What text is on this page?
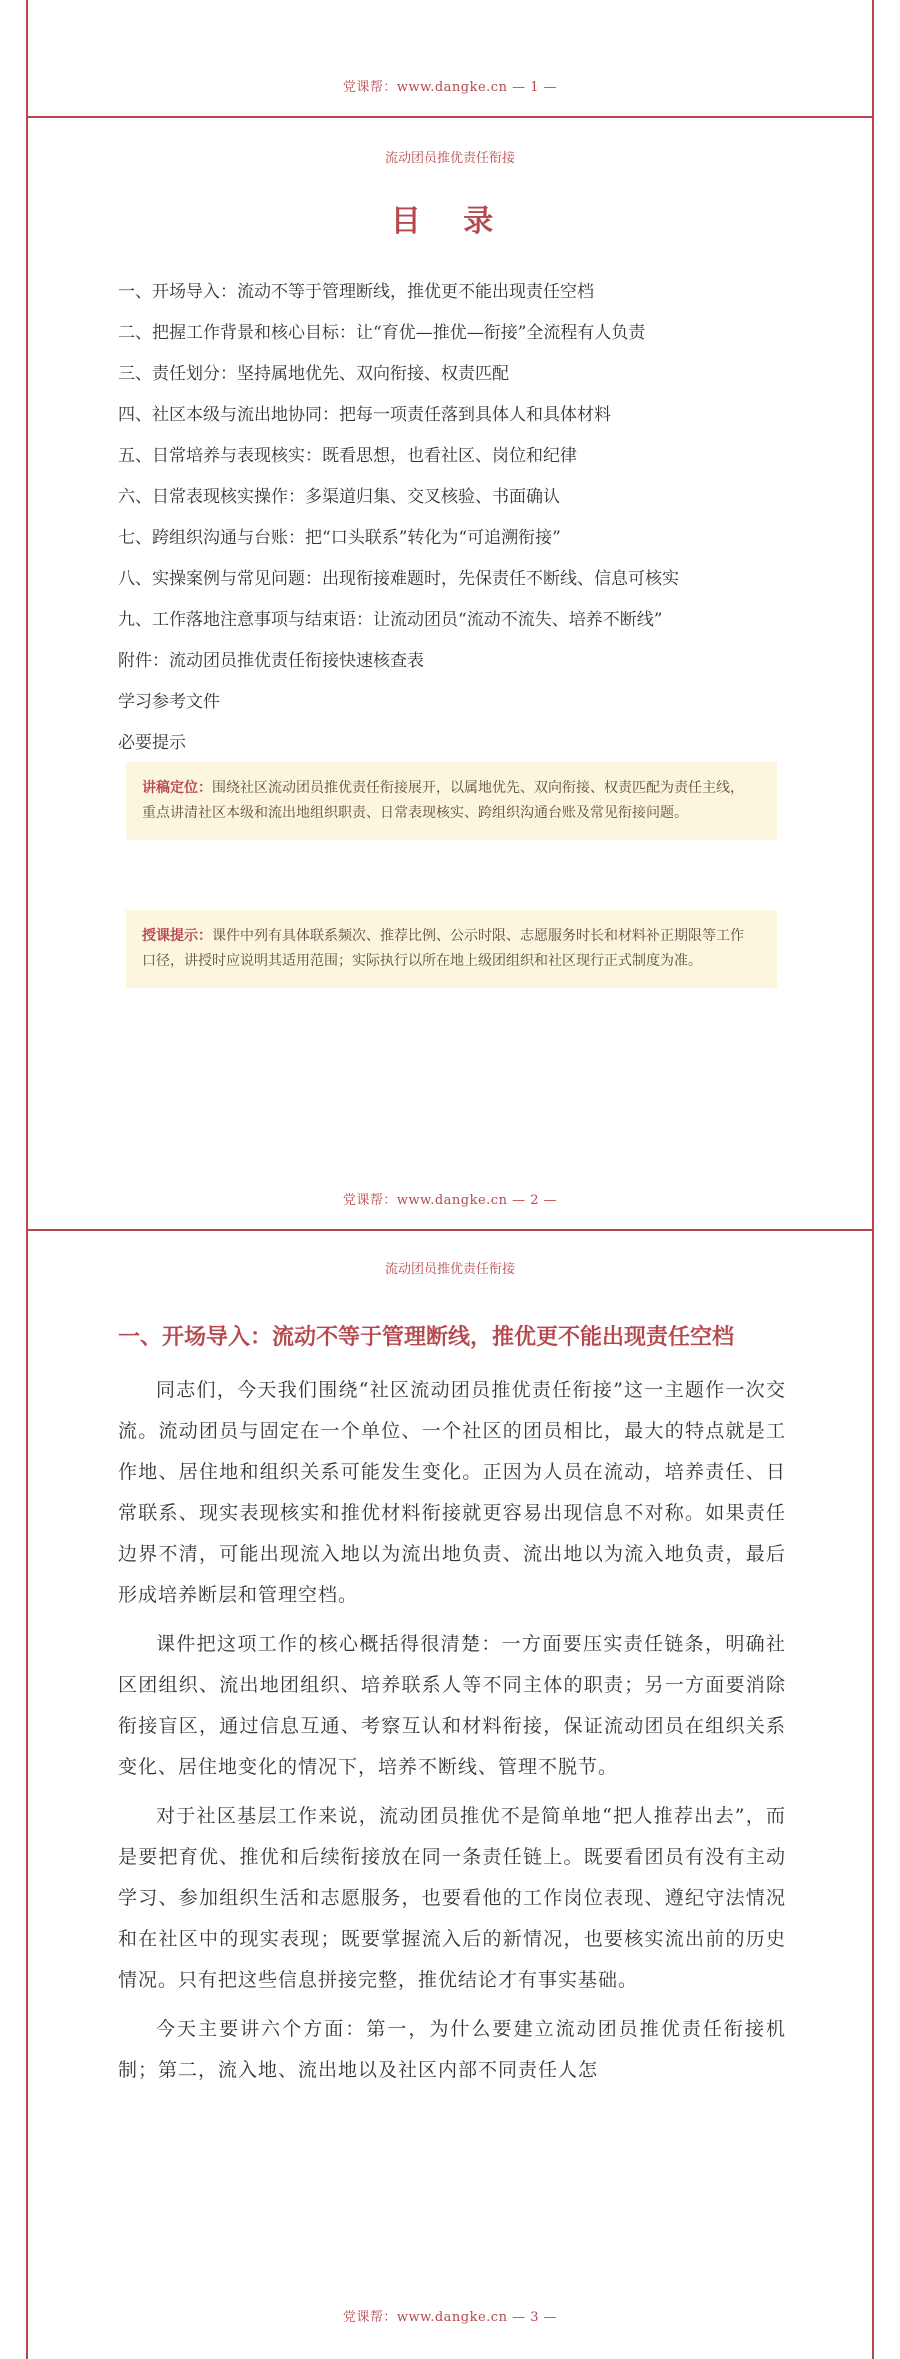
党课帮：www.dangke.cn — 1 —
流动团员推优责任衔接
目 录
一、开场导入：流动不等于管理断线，推优更不能出现责任空档
二、把握工作背景和核心目标：让“育优—推优—衔接”全流程有人负责
三、责任划分：坚持属地优先、双向衔接、权责匹配
四、社区本级与流出地协同：把每一项责任落到具体人和具体材料
五、日常培养与表现核实：既看思想，也看社区、岗位和纪律
六、日常表现核实操作：多渠道归集、交叉核验、书面确认
七、跨组织沟通与台账：把“口头联系”转化为“可追溯衔接”
八、实操案例与常见问题：出现衔接难题时，先保责任不断线、信息可核实
九、工作落地注意事项与结束语：让流动团员“流动不流失、培养不断线”
附件：流动团员推优责任衔接快速核查表
学习参考文件
必要提示
讲稿定位：围绕社区流动团员推优责任衔接展开，以属地优先、双向衔接、权责匹配为责任主线，重点讲清社区本级和流出地组织职责、日常表现核实、跨组织沟通台账及常见衔接问题。
授课提示：课件中列有具体联系频次、推荐比例、公示时限、志愿服务时长和材料补正期限等工作口径，讲授时应说明其适用范围；实际执行以所在地上级团组织和社区现行正式制度为准。
党课帮：www.dangke.cn — 2 —
流动团员推优责任衔接
一、开场导入：流动不等于管理断线，推优更不能出现责任空档

同志们，今天我们围绕“社区流动团员推优责任衔接”这一主题作一次交流。流动团员与固定在一个单位、一个社区的团员相比，最大的特点就是工作地、居住地和组织关系可能发生变化。正因为人员在流动，培养责任、日常联系、现实表现核实和推优材料衔接就更容易出现信息不对称。如果责任边界不清，可能出现流入地以为流出地负责、流出地以为流入地负责，最后形成培养断层和管理空档。

课件把这项工作的核心概括得很清楚：一方面要压实责任链条，明确社区团组织、流出地团组织、培养联系人等不同主体的职责；另一方面要消除衔接盲区，通过信息互通、考察互认和材料衔接，保证流动团员在组织关系变化、居住地变化的情况下，培养不断线、管理不脱节。

对于社区基层工作来说，流动团员推优不是简单地“把人推荐出去”，而是要把育优、推优和后续衔接放在同一条责任链上。既要看团员有没有主动学习、参加组织生活和志愿服务，也要看他的工作岗位表现、遵纪守法情况和在社区中的现实表现；既要掌握流入后的新情况，也要核实流出前的历史情况。只有把这些信息拼接完整，推优结论才有事实基础。

今天主要讲六个方面：第一，为什么要建立流动团员推优责任衔接机制；第二，流入地、流出地以及社区内部不同责任人怎

党课帮：www.dangke.cn — 3 —
